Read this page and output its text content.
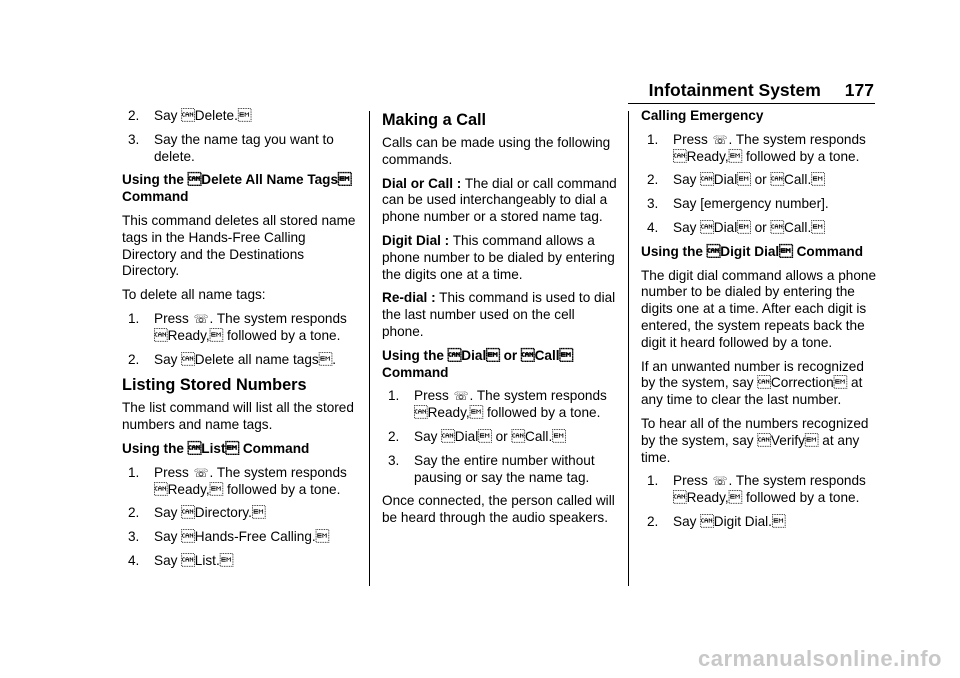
Infotainment System 177
2. Say Delete.
3. Say the name tag you want to delete.

Using the Delete All Name Tags Command

This command deletes all stored name tags in the Hands-Free Calling Directory and the Destinations Directory.

To delete all name tags:

1. Press ☏. The system responds Ready, followed by a tone.
2. Say Delete all name tags.

Listing Stored Numbers

The list command will list all the stored numbers and name tags.

Using the List Command

1. Press ☏. The system responds Ready, followed by a tone.
2. Say Directory.
3. Say Hands-Free Calling.
4. Say List.

Making a Call

Calls can be made using the following commands.

Dial or Call : The dial or call command can be used interchangeably to dial a phone number or a stored name tag.

Digit Dial : This command allows a phone number to be dialed by entering the digits one at a time.

Re-dial : This command is used to dial the last number used on the cell phone.

Using the Dial or Call Command

1. Press ☏. The system responds Ready, followed by a tone.
2. Say Dial or Call.
3. Say the entire number without pausing or say the name tag.

Once connected, the person called will be heard through the audio speakers.

Calling Emergency

1. Press ☏. The system responds Ready, followed by a tone.
2. Say Dial or Call.
3. Say [emergency number].
4. Say Dial or Call.

Using the Digit Dial Command

The digit dial command allows a phone number to be dialed by entering the digits one at a time. After each digit is entered, the system repeats back the digit it heard followed by a tone.

If an unwanted number is recognized by the system, say Correction at any time to clear the last number.

To hear all of the numbers recognized by the system, say Verify at any time.

1. Press ☏. The system responds Ready, followed by a tone.
2. Say Digit Dial.
carmanualsonline.info
